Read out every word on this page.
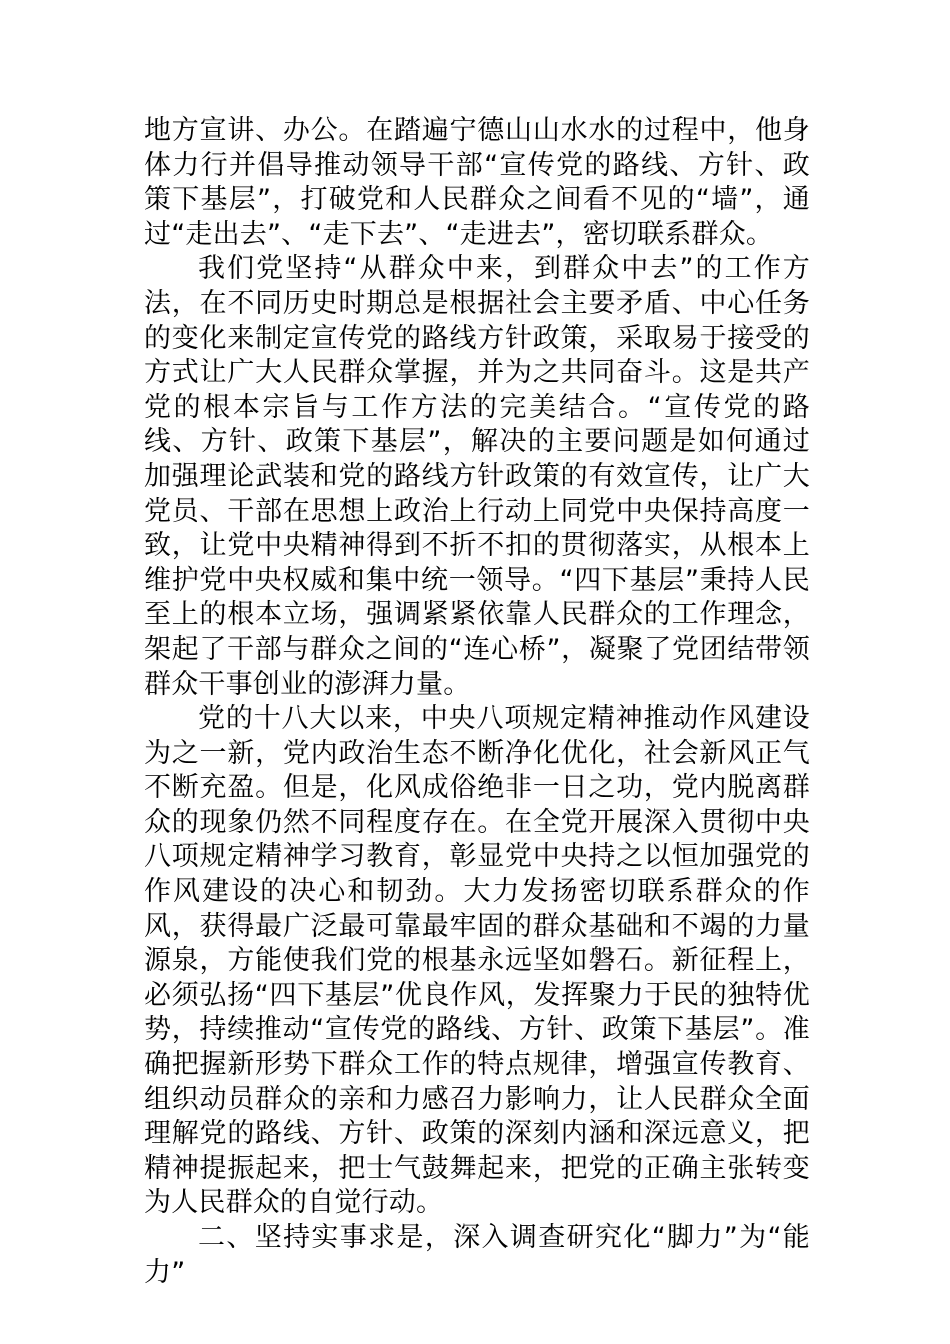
地方宣讲、办公。在踏遍宁德山山水水的过程中，他身体力行并倡导推动领导干部“宣传党的路线、方针、政策下基层”，打破党和人民群众之间看不见的“墙”，通过“走出去”、“走下去”、“走进去”，密切联系群众。

我们党坚持“从群众中来，到群众中去”的工作方法，在不同历史时期总是根据社会主要矛盾、中心任务的变化来制定宣传党的路线方针政策，采取易于接受的方式让广大人民群众掌握，并为之共同奋斗。这是共产党的根本宗旨与工作方法的完美结合。“宣传党的路线、方针、政策下基层”，解决的主要问题是如何通过加强理论武装和党的路线方针政策的有效宣传，让广大党员、干部在思想上政治上行动上同党中央保持高度一致，让党中央精神得到不折不扣的贯彻落实，从根本上维护党中央权威和集中统一领导。“四下基层”秉持人民至上的根本立场，强调紧紧依靠人民群众的工作理念，架起了干部与群众之间的“连心桥”，凝聚了党团结带领群众干事创业的澎湃力量。

党的十八大以来，中央八项规定精神推动作风建设为之一新，党内政治生态不断净化优化，社会新风正气不断充盈。但是，化风成俗绝非一日之功，党内脱离群众的现象仍然不同程度存在。在全党开展深入贯彻中央八项规定精神学习教育，彰显党中央持之以恒加强党的作风建设的决心和韧劲。大力发扬密切联系群众的作风，获得最广泛最可靠最牢固的群众基础和不竭的力量源泉，方能使我们党的根基永远坚如磐石。新征程上，必须弘扬“四下基层”优良作风，发挥聚力于民的独特优势，持续推动“宣传党的路线、方针、政策下基层”。准确把握新形势下群众工作的特点规律，增强宣传教育、组织动员群众的亲和力感召力影响力，让人民群众全面理解党的路线、方针、政策的深刻内涵和深远意义，把精神提振起来，把士气鼓舞起来，把党的正确主张转变为人民群众的自觉行动。

二、坚持实事求是，深入调查研究化“脚力”为“能力”
